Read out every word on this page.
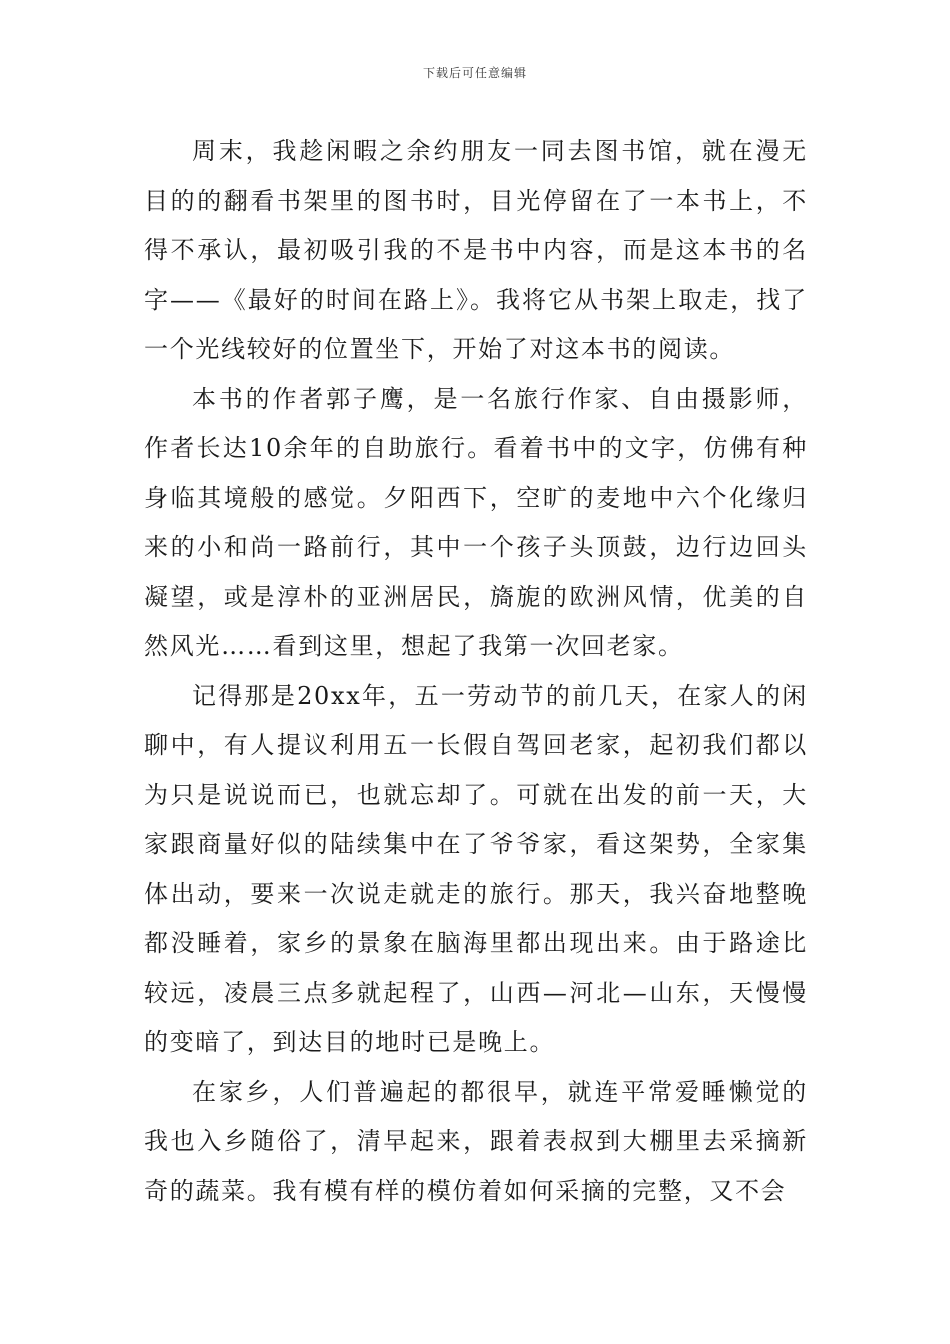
下载后可任意编辑

周末，我趁闲暇之余约朋友一同去图书馆，就在漫无目的的翻看书架里的图书时，目光停留在了一本书上，不得不承认，最初吸引我的不是书中内容，而是这本书的名字——《最好的时间在路上》。我将它从书架上取走，找了一个光线较好的位置坐下，开始了对这本书的阅读。

本书的作者郭子鹰，是一名旅行作家、自由摄影师，作者长达10余年的自助旅行。看着书中的文字，仿佛有种身临其境般的感觉。夕阳西下，空旷的麦地中六个化缘归来的小和尚一路前行，其中一个孩子头顶鼓，边行边回头凝望，或是淳朴的亚洲居民，旖旎的欧洲风情，优美的自然风光……看到这里，想起了我第一次回老家。

记得那是20xx年，五一劳动节的前几天，在家人的闲聊中，有人提议利用五一长假自驾回老家，起初我们都以为只是说说而已，也就忘却了。可就在出发的前一天，大家跟商量好似的陆续集中在了爷爷家，看这架势，全家集体出动，要来一次说走就走的旅行。那天，我兴奋地整晚都没睡着，家乡的景象在脑海里都出现出来。由于路途比较远，凌晨三点多就起程了，山西—河北—山东，天慢慢的变暗了，到达目的地时已是晚上。

在家乡，人们普遍起的都很早，就连平常爱睡懒觉的我也入乡随俗了，清早起来，跟着表叔到大棚里去采摘新奇的蔬菜。我有模有样的模仿着如何采摘的完整，又不会
